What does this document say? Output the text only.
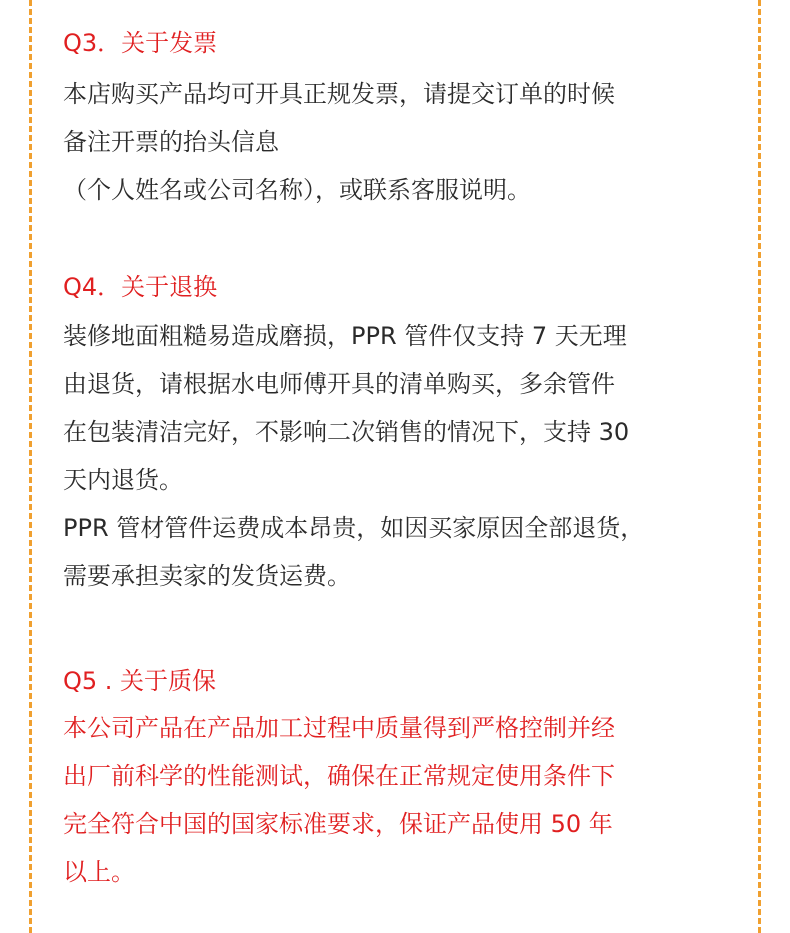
Q3．关于发票
本店购买产品均可开具正规发票，请提交订单的时候
备注开票的抬头信息
（个人姓名或公司名称），或联系客服说明。
Q4．关于退换
装修地面粗糙易造成磨损，PPR 管件仅支持 7 天无理
由退货，请根据水电师傅开具的清单购买，多余管件
在包装清洁完好，不影响二次销售的情况下，支持 30
天内退货。
PPR 管材管件运费成本昂贵，如因买家原因全部退货，
需要承担卖家的发货运费。
Q5 . 关于质保
本公司产品在产品加工过程中质量得到严格控制并经
出厂前科学的性能测试，确保在正常规定使用条件下
完全符合中国的国家标准要求，保证产品使用 50 年
以上。
